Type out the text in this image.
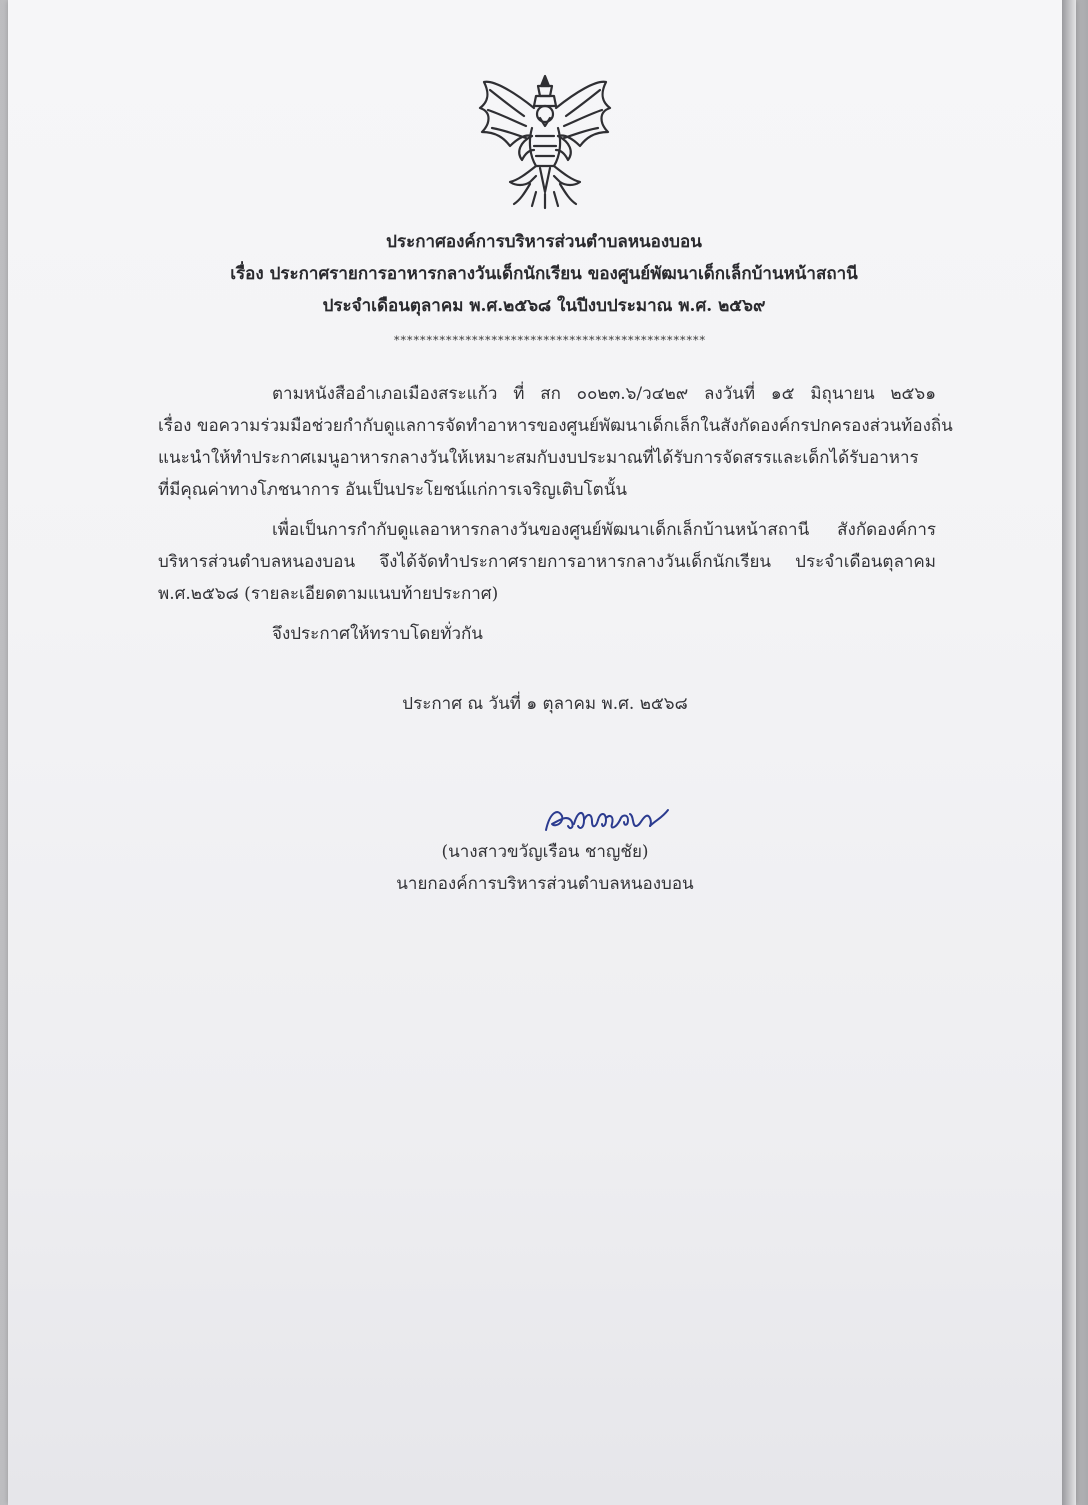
ประกาศองค์การบริหารส่วนตำบลหนองบอน
เรื่อง ประกาศรายการอาหารกลางวันเด็กนักเรียน ของศูนย์พัฒนาเด็กเล็กบ้านหน้าสถานี
ประจำเดือนตุลาคม พ.ศ.๒๕๖๘ ในปีงบประมาณ พ.ศ. ๒๕๖๙
************************************************
ตามหนังสืออำเภอเมืองสระแก้ว ที่ สก ๐๐๒๓.๖/ว๔๒๙ ลงวันที่ ๑๕ มิถุนายน ๒๕๖๑
เรื่อง ขอความร่วมมือช่วยกำกับดูแลการจัดทำอาหารของศูนย์พัฒนาเด็กเล็กในสังกัดองค์กรปกครองส่วนท้องถิ่น
แนะนำให้ทำประกาศเมนูอาหารกลางวันให้เหมาะสมกับงบประมาณที่ได้รับการจัดสรรและเด็กได้รับอาหาร
ที่มีคุณค่าทางโภชนาการ อันเป็นประโยชน์แก่การเจริญเติบโตนั้น
เพื่อเป็นการกำกับดูแลอาหารกลางวันของศูนย์พัฒนาเด็กเล็กบ้านหน้าสถานี สังกัดองค์การ
บริหารส่วนตำบลหนองบอน จึงได้จัดทำประกาศรายการอาหารกลางวันเด็กนักเรียน ประจำเดือนตุลาคม
พ.ศ.๒๕๖๘ (รายละเอียดตามแนบท้ายประกาศ)
จึงประกาศให้ทราบโดยทั่วกัน
ประกาศ ณ วันที่ ๑ ตุลาคม พ.ศ. ๒๕๖๘
(นางสาวขวัญเรือน ชาญชัย)
นายกองค์การบริหารส่วนตำบลหนองบอน
